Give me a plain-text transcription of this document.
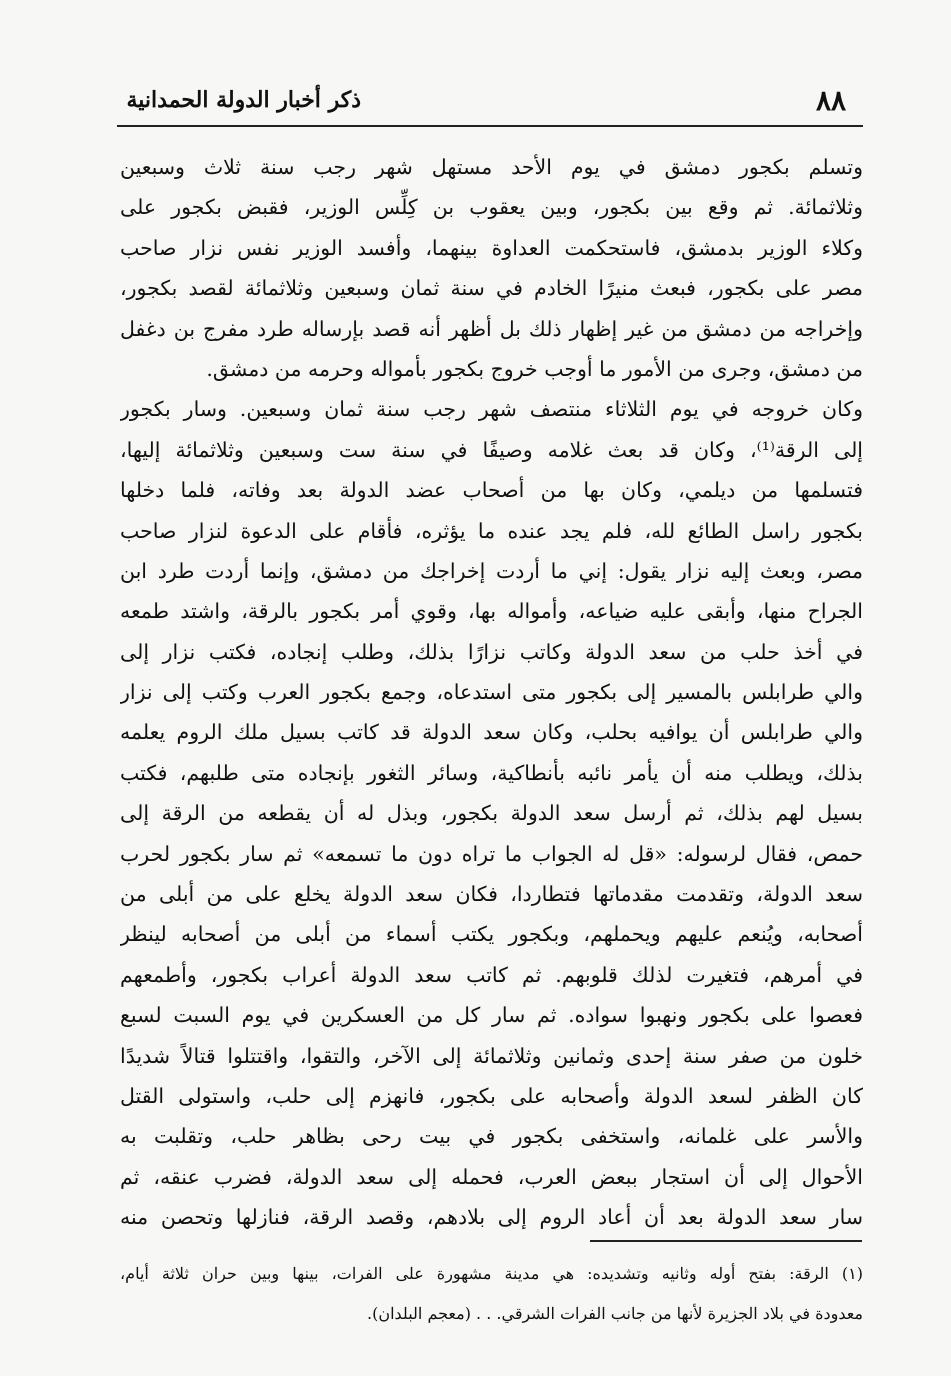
ذكر أخبار الدولة الحمدانية	٨٨
وتسلم بكجور دمشق في يوم الأحد مستهل شهر رجب سنة ثلاث وسبعين
وثلاثمائة. ثم وقع بين بكجور، وبين يعقوب بن كِلِّس الوزير، فقبض بكجور على
وكلاء الوزير بدمشق، فاستحكمت العداوة بينهما، وأفسد الوزير نفس نزار صاحب
مصر على بكجور، فبعث منيرًا الخادم في سنة ثمان وسبعين وثلاثمائة لقصد بكجور،
وإخراجه من دمشق من غير إظهار ذلك بل أظهر أنه قصد بإرساله طرد مفرج بن دغفل
من دمشق، وجرى من الأمور ما أوجب خروج بكجور بأمواله وحرمه من دمشق.
وكان خروجه في يوم الثلاثاء منتصف شهر رجب سنة ثمان وسبعين. وسار بكجور
إلى الرقة⁽¹⁾، وكان قد بعث غلامه وصيفًا في سنة ست وسبعين وثلاثمائة إليها،
فتسلمها من ديلمي، وكان بها من أصحاب عضد الدولة بعد وفاته، فلما دخلها
بكجور راسل الطائع لله، فلم يجد عنده ما يؤثره، فأقام على الدعوة لنزار صاحب
مصر، وبعث إليه نزار يقول: إني ما أردت إخراجك من دمشق، وإنما أردت طرد ابن
الجراح منها، وأبقى عليه ضياعه، وأمواله بها، وقوي أمر بكجور بالرقة، واشتد طمعه
في أخذ حلب من سعد الدولة وكاتب نزارًا بذلك، وطلب إنجاده، فكتب نزار إلى
والي طرابلس بالمسير إلى بكجور متى استدعاه، وجمع بكجور العرب وكتب إلى نزار
والي طرابلس أن يوافيه بحلب، وكان سعد الدولة قد كاتب بسيل ملك الروم يعلمه
بذلك، ويطلب منه أن يأمر نائبه بأنطاكية، وسائر الثغور بإنجاده متى طلبهم، فكتب
بسيل لهم بذلك، ثم أرسل سعد الدولة بكجور، وبذل له أن يقطعه من الرقة إلى
حمص، فقال لرسوله: «قل له الجواب ما تراه دون ما تسمعه» ثم سار بكجور لحرب
سعد الدولة، وتقدمت مقدماتها فتطاردا، فكان سعد الدولة يخلع على من أبلى من
أصحابه، ويُنعم عليهم ويحملهم، وبكجور يكتب أسماء من أبلى من أصحابه لينظر
في أمرهم، فتغيرت لذلك قلوبهم. ثم كاتب سعد الدولة أعراب بكجور، وأطمعهم
فعصوا على بكجور ونهبوا سواده. ثم سار كل من العسكرين في يوم السبت لسبع
خلون من صفر سنة إحدى وثمانين وثلاثمائة إلى الآخر، والتقوا، واقتتلوا قتالاً شديدًا
كان الظفر لسعد الدولة وأصحابه على بكجور، فانهزم إلى حلب، واستولى القتل
والأسر على غلمانه، واستخفى بكجور في بيت رحى بظاهر حلب، وتقلبت به
الأحوال إلى أن استجار ببعض العرب، فحمله إلى سعد الدولة، فضرب عنقه، ثم
سار سعد الدولة بعد أن أعاد الروم إلى بلادهم، وقصد الرقة، فنازلها وتحصن منه
(١) الرقة: بفتح أوله وثانيه وتشديده: هي مدينة مشهورة على الفرات، بينها وبين حران ثلاثة أيام،
معدودة في بلاد الجزيرة لأنها من جانب الفرات الشرقي. . . (معجم البلدان).
